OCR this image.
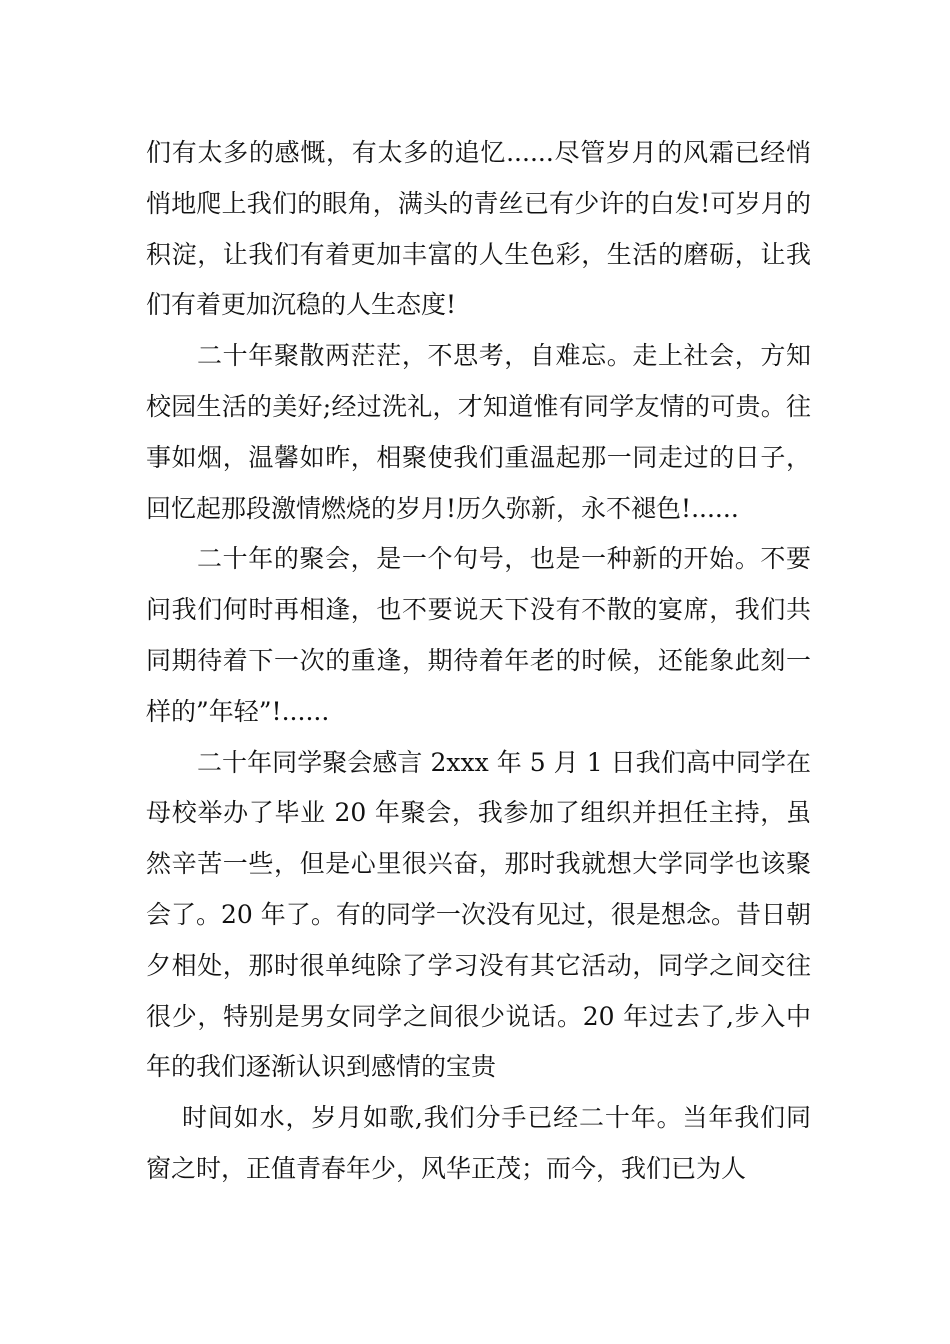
们有太多的感慨，有太多的追忆......尽管岁月的风霜已经悄悄地爬上我们的眼角，满头的青丝已有少许的白发!可岁月的积淀，让我们有着更加丰富的人生色彩，生活的磨砺，让我们有着更加沉稳的人生态度!

二十年聚散两茫茫，不思考，自难忘。走上社会，方知校园生活的美好;经过洗礼，才知道惟有同学友情的可贵。往事如烟，温馨如昨，相聚使我们重温起那一同走过的日子，回忆起那段激情燃烧的岁月!历久弥新，永不褪色!......

二十年的聚会，是一个句号，也是一种新的开始。不要问我们何时再相逢，也不要说天下没有不散的宴席，我们共同期待着下一次的重逢，期待着年老的时候，还能象此刻一样的”年轻”!......

二十年同学聚会感言 2xxx 年 5 月 1 日我们高中同学在母校举办了毕业 20 年聚会，我参加了组织并担任主持，虽然辛苦一些，但是心里很兴奋，那时我就想大学同学也该聚会了。20 年了。有的同学一次没有见过，很是想念。昔日朝夕相处，那时很单纯除了学习没有其它活动，同学之间交往很少，特别是男女同学之间很少说话。20 年过去了,步入中年的我们逐渐认识到感情的宝贵

时间如水，岁月如歌,我们分手已经二十年。当年我们同窗之时，正值青春年少，风华正茂；而今，我们已为人
